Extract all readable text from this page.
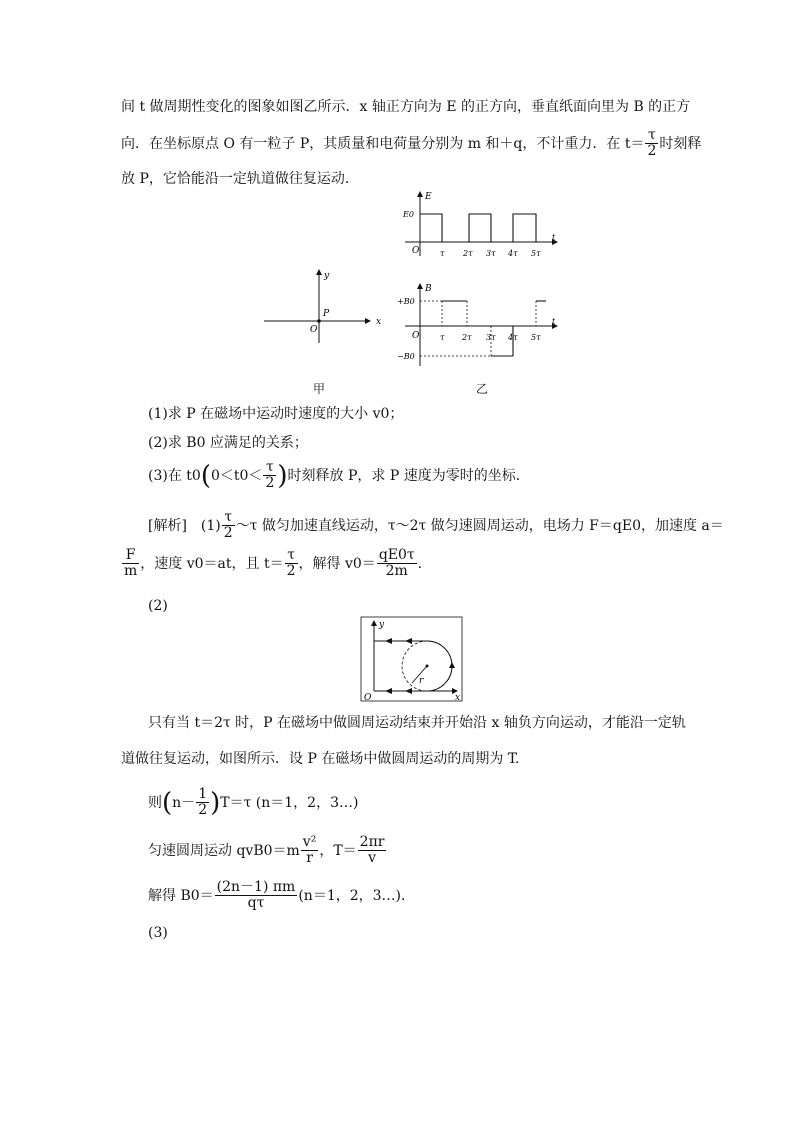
间 t 做周期性变化的图象如图乙所示．x 轴正方向为 E 的正方向，垂直纸面向里为 B 的正方
向．在坐标原点 O 有一粒子 P，其质量和电荷量分别为 m 和＋q，不计重力．在 $t= \frac{\tau}{2}$ 时刻释
放 P，它恰能沿一定轨道做往复运动．
y
x
O
P
甲
E
E0
O
t
τ 2τ 3τ 4τ 5τ
B
+B0
−B0
O
t
τ 2τ 3τ 4τ 5τ
乙
(1)求 P 在磁场中运动时速度的大小 v0；
(2)求 B0 应满足的关系；
(3)在 $t0(0<t0< \frac{\tau}{2}$ )时刻释放 P，求 P 速度为零时的坐标．
[解析]　$(1) \frac{\tau}{2}$ ～τ 做匀加速直线运动，τ～2τ 做匀速圆周运动，电场力 F＝qE0，加速度 a＝
$\frac{F}{m}$ ，速度 v0＝at，且 $t= \frac{\tau}{2}$ ，解得 $v0= \frac{qE0\tau}{2m}$ .
(2)
r
y
x
O
只有当 t＝2τ 时，P 在磁场中做圆周运动结束并开始沿 x 轴负方向运动，才能沿一定轨
道做往复运动，如图所示．设 P 在磁场中做圆周运动的周期为 T.
则$(n- \frac{1}{2} )T=\tau$ (n＝1，2，3…)
匀速圆周运动 $qvB0=m \frac{\text{v²}}{r}$ ，$T= \frac{2\pi r}{v}$
解得 $B0= \frac{(2n-1) \pi m}{q\tau} (n=1$，2，3…)．
(3)
